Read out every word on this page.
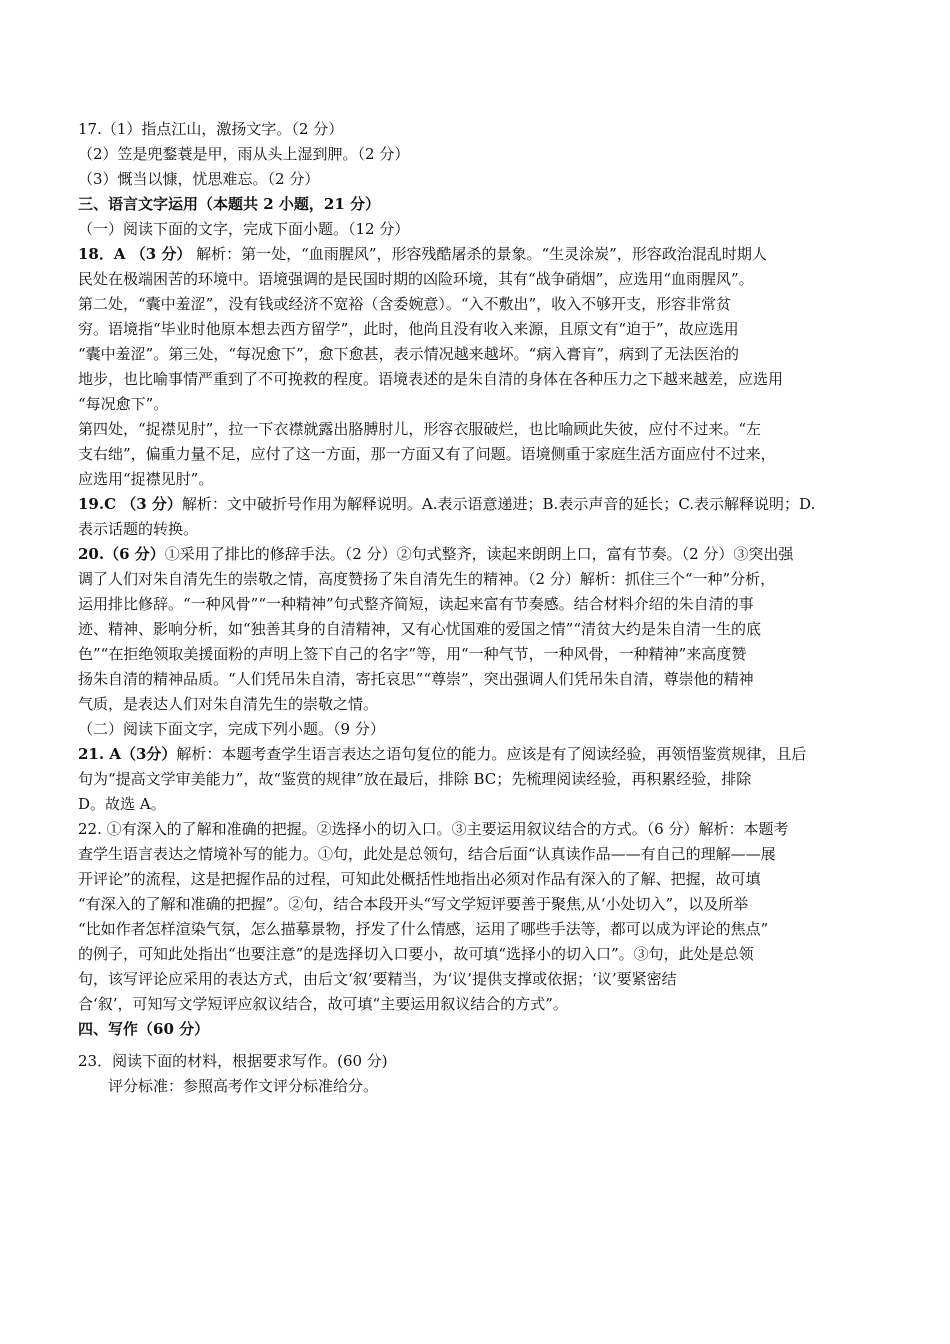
17.（1）指点江山，激扬文字。（2 分）
（2）笠是兜鍪蓑是甲，雨从头上湿到胛。（2 分）
（3）慨当以慷，忧思难忘。（2 分）
三、语言文字运用（本题共 2 小题，21 分）
（一）阅读下面的文字，完成下面小题。（12 分）
18．A （3 分） 解析：第一处，“血雨腥风”，形容残酷屠杀的景象。“生灵涂炭”，形容政治混乱时期人
民处在极端困苦的环境中。语境强调的是民国时期的凶险环境，其有“战争硝烟”，应选用“血雨腥风”。
第二处，“囊中羞涩”，没有钱或经济不宽裕（含委婉意）。“入不敷出”，收入不够开支，形容非常贫
穷。语境指“毕业时他原本想去西方留学”，此时，他尚且没有收入来源，且原文有“迫于”，故应选用
“囊中羞涩”。第三处，“每况愈下”，愈下愈甚，表示情况越来越坏。“病入膏肓”，病到了无法医治的
地步，也比喻事情严重到了不可挽救的程度。语境表述的是朱自清的身体在各种压力之下越来越差，应选用
“每况愈下”。
第四处，“捉襟见肘”，拉一下衣襟就露出胳膊肘儿，形容衣服破烂，也比喻顾此失彼，应付不过来。“左
支右绌”，偏重力量不足，应付了这一方面，那一方面又有了问题。语境侧重于家庭生活方面应付不过来，
应选用“捉襟见肘”。
19.C （3 分）解析：文中破折号作用为解释说明。A.表示语意递进；B.表示声音的延长；C.表示解释说明；D.
表示话题的转换。
20.（6 分）①采用了排比的修辞手法。（2 分）②句式整齐，读起来朗朗上口，富有节奏。（2 分）③突出强
调了人们对朱自清先生的崇敬之情，高度赞扬了朱自清先生的精神。（2 分）解析：抓住三个“一种”分析，
运用排比修辞。“一种风骨”“一种精神”句式整齐简短，读起来富有节奏感。结合材料介绍的朱自清的事
迹、精神、影响分析，如“独善其身的自清精神，又有心忧国难的爱国之情”“清贫大约是朱自清一生的底
色”“在拒绝领取美援面粉的声明上签下自己的名字”等，用“一种气节，一种风骨，一种精神”来高度赞
扬朱自清的精神品质。“人们凭吊朱自清，寄托哀思”“尊崇”，突出强调人们凭吊朱自清，尊崇他的精神
气质，是表达人们对朱自清先生的崇敬之情。
（二）阅读下面文字，完成下列小题。（9 分）
21. A（3分）解析：本题考查学生语言表达之语句复位的能力。应该是有了阅读经验，再领悟鉴赏规律，且后
句为“提高文学审美能力”，故“鉴赏的规律”放在最后，排除 BC；先梳理阅读经验，再积累经验，排除
D。故选 A。
22. ①有深入的了解和准确的把握。②选择小的切入口。③主要运用叙议结合的方式。（6 分）解析：本题考
查学生语言表达之情境补写的能力。①句，此处是总领句，结合后面“认真读作品——有自己的理解——展
开评论”的流程，这是把握作品的过程，可知此处概括性地指出必须对作品有深入的了解、把握，故可填
“有深入的了解和准确的把握”。②句，结合本段开头“写文学短评要善于聚焦,从‘小处切入”，以及所举
“比如作者怎样渲染气氛，怎么描摹景物，抒发了什么情感，运用了哪些手法等，都可以成为评论的焦点”
的例子，可知此处指出“也要注意”的是选择切入口要小，故可填“选择小的切入口”。③句，此处是总领
句，该写评论应采用的表达方式，由后文‘叙’要精当，为‘议’提供支撑或依据；‘议’要紧密结
合‘叙’，可知写文学短评应叙议结合，故可填“主要运用叙议结合的方式”。
四、写作（60 分）
23．阅读下面的材料，根据要求写作。(60 分)
评分标准：参照高考作文评分标准给分。
